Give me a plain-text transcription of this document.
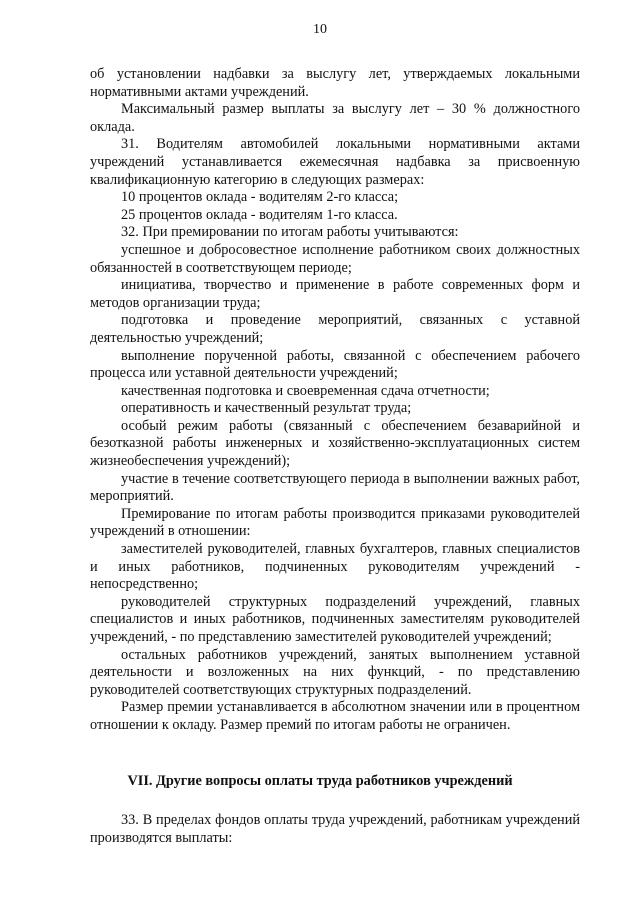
10

об установлении надбавки за выслугу лет, утверждаемых локальными нормативными актами учреждений.

Максимальный размер выплаты за выслугу лет – 30 % должностного оклада.

31. Водителям автомобилей локальными нормативными актами учреждений устанавливается ежемесячная надбавка за присвоенную квалификационную категорию в следующих размерах:

10 процентов оклада - водителям 2-го класса;

25 процентов оклада - водителям 1-го класса.

32. При премировании по итогам работы учитываются:

успешное и добросовестное исполнение работником своих должностных обязанностей в соответствующем периоде;

инициатива, творчество и применение в работе современных форм и методов организации труда;

подготовка и проведение мероприятий, связанных с уставной деятельностью учреждений;

выполнение порученной работы, связанной с обеспечением рабочего процесса или уставной деятельности учреждений;

качественная подготовка и своевременная сдача отчетности;

оперативность и качественный результат труда;

особый режим работы (связанный с обеспечением безаварийной и безотказной работы инженерных и хозяйственно-эксплуатационных систем жизнеобеспечения учреждений);

участие в течение соответствующего периода в выполнении важных работ, мероприятий.

Премирование по итогам работы производится приказами руководителей учреждений в отношении:

заместителей руководителей, главных бухгалтеров, главных специалистов и иных работников, подчиненных руководителям учреждений - непосредственно;

руководителей структурных подразделений учреждений, главных специалистов и иных работников, подчиненных заместителям руководителей учреждений, - по представлению заместителей руководителей учреждений;

остальных работников учреждений, занятых выполнением уставной деятельности и возложенных на них функций, - по представлению руководителей соответствующих структурных подразделений.

Размер премии устанавливается в абсолютном значении или в процентном отношении к окладу. Размер премий по итогам работы не ограничен.

VII. Другие вопросы оплаты труда работников учреждений

33. В пределах фондов оплаты труда учреждений, работникам учреждений производятся выплаты:
